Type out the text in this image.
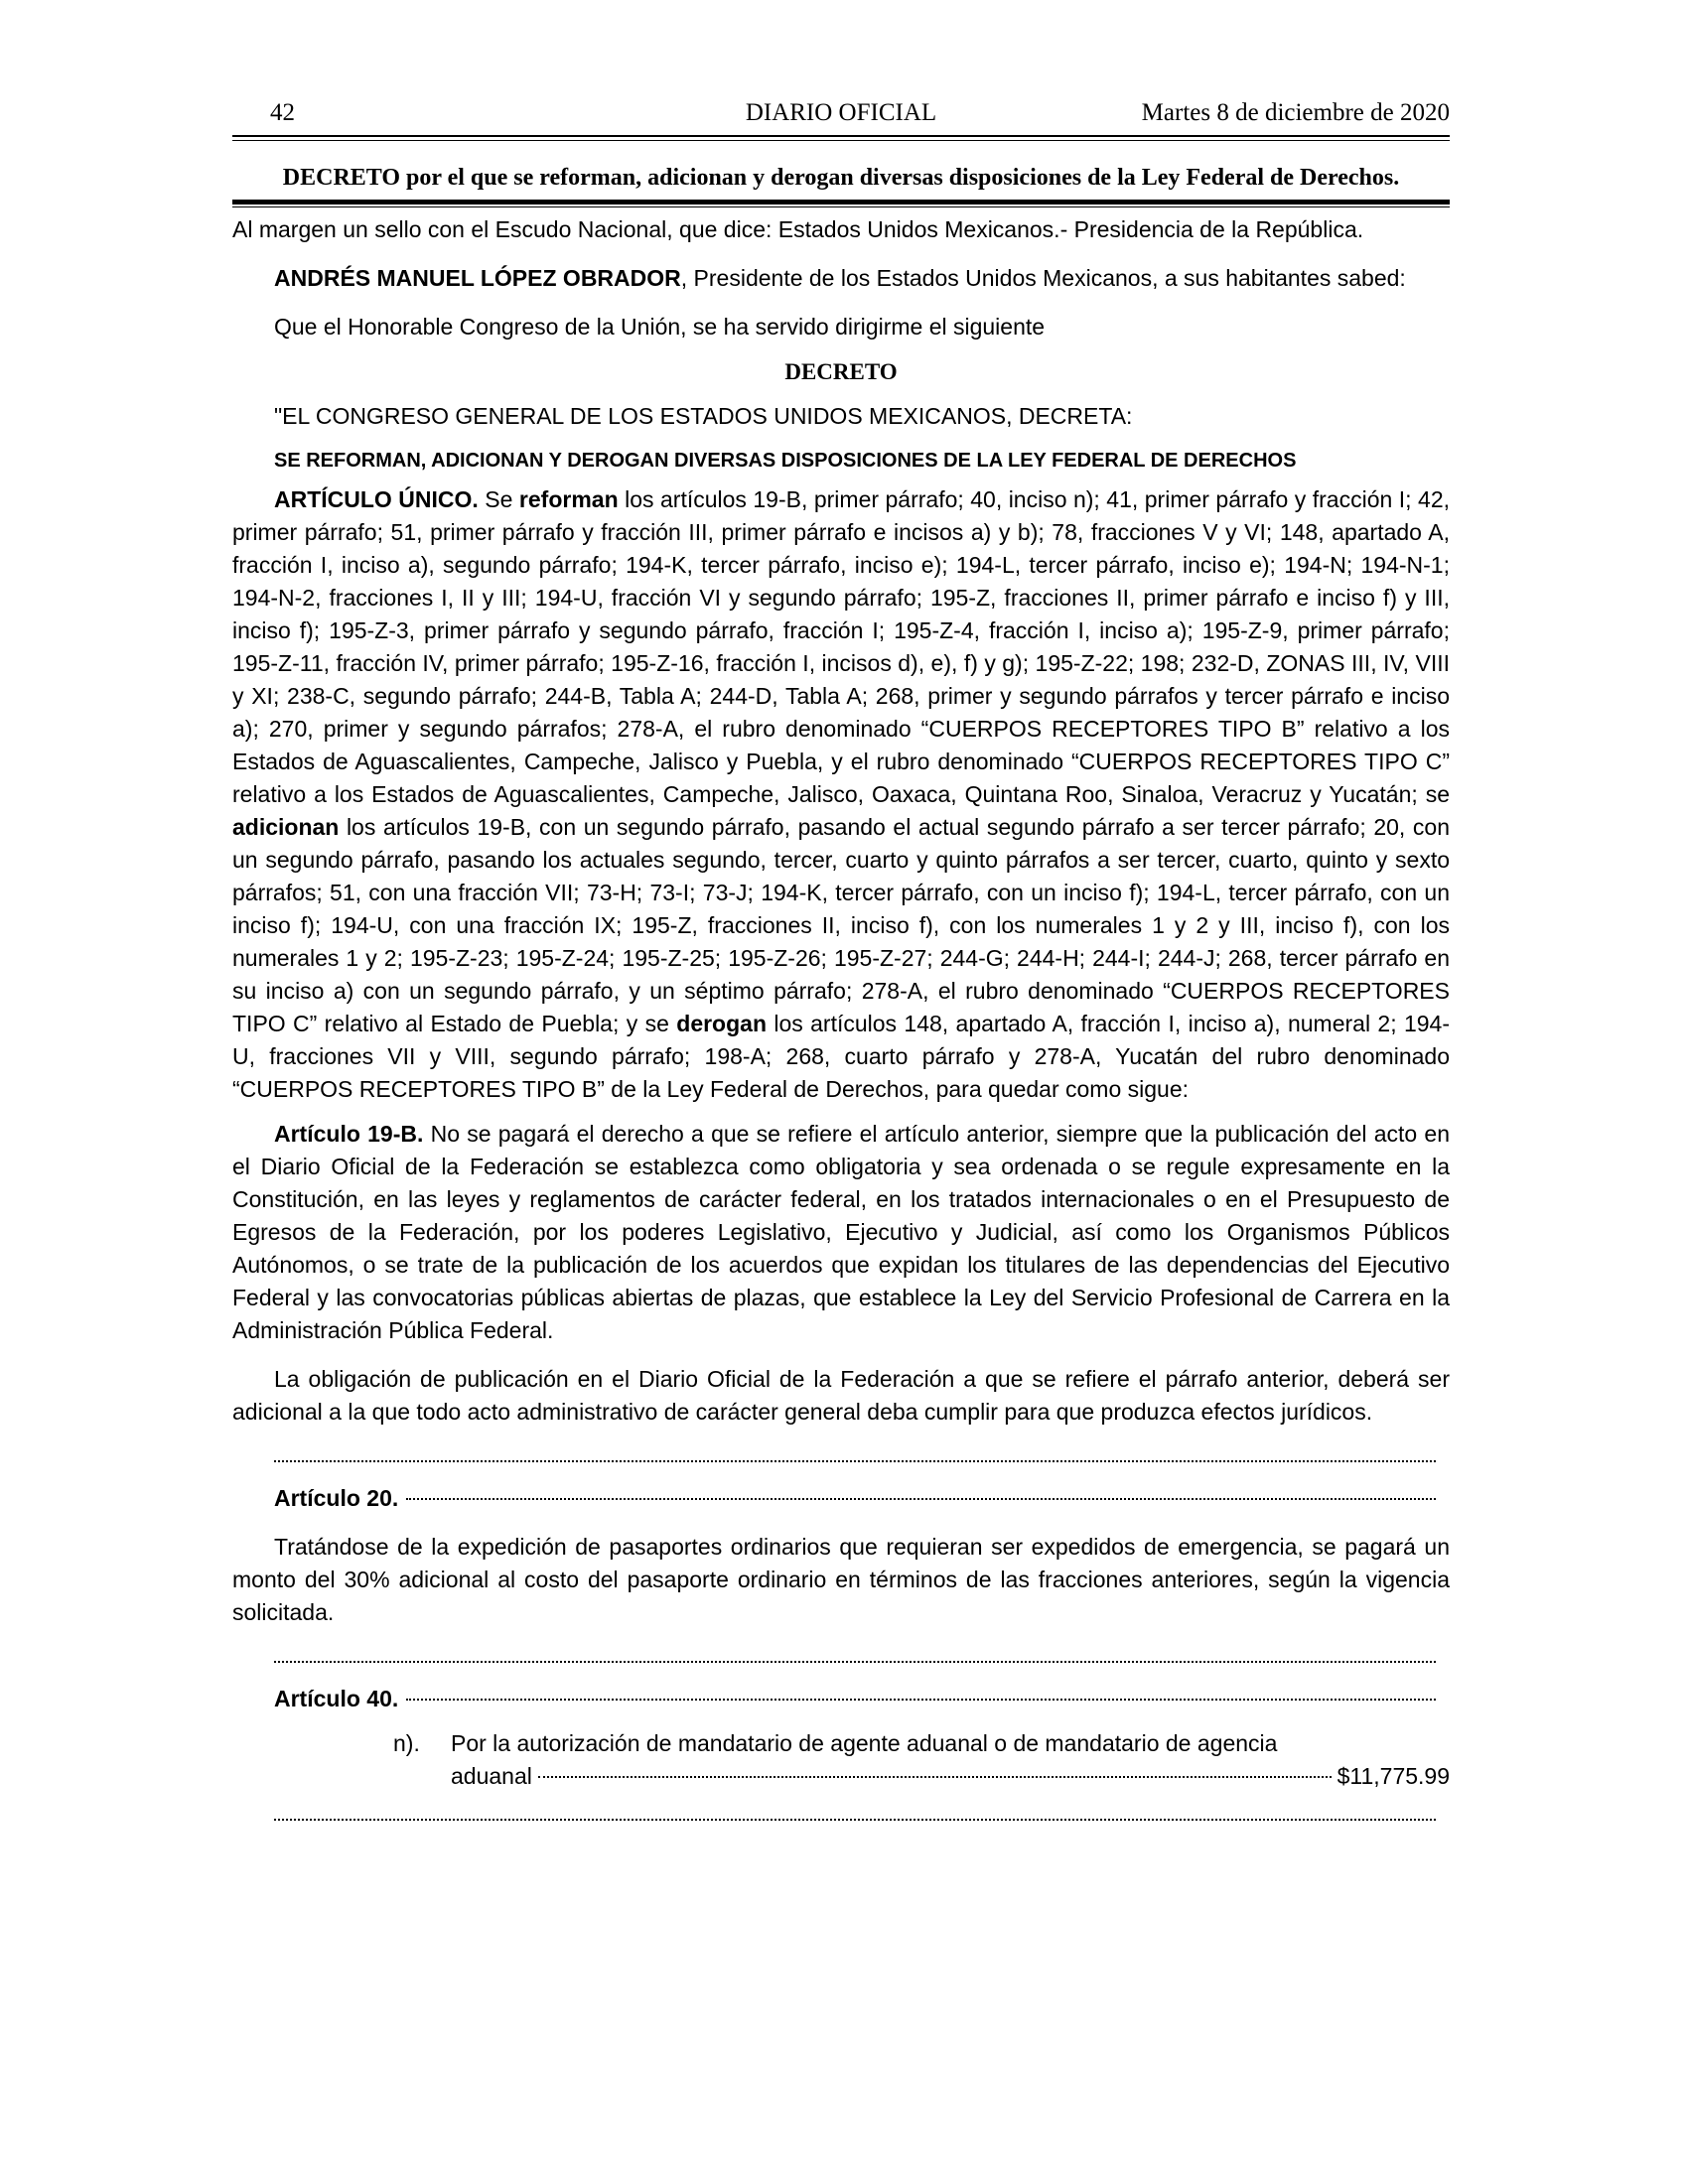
42	DIARIO OFICIAL	Martes 8 de diciembre de 2020
DECRETO por el que se reforman, adicionan y derogan diversas disposiciones de la Ley Federal de Derechos.

Al margen un sello con el Escudo Nacional, que dice: Estados Unidos Mexicanos.- Presidencia de la República.

ANDRÉS MANUEL LÓPEZ OBRADOR, Presidente de los Estados Unidos Mexicanos, a sus habitantes sabed:

Que el Honorable Congreso de la Unión, se ha servido dirigirme el siguiente

DECRETO

"EL CONGRESO GENERAL DE LOS ESTADOS UNIDOS MEXICANOS, DECRETA:

SE REFORMAN, ADICIONAN Y DEROGAN DIVERSAS DISPOSICIONES DE LA LEY FEDERAL DE DERECHOS

ARTÍCULO ÚNICO. Se reforman los artículos 19-B, primer párrafo; 40, inciso n); 41, primer párrafo y fracción I; 42, primer párrafo; 51, primer párrafo y fracción III, primer párrafo e incisos a) y b); 78, fracciones V y VI; 148, apartado A, fracción I, inciso a), segundo párrafo; 194-K, tercer párrafo, inciso e); 194-L, tercer párrafo, inciso e); 194-N; 194-N-1; 194-N-2, fracciones I, II y III; 194-U, fracción VI y segundo párrafo; 195-Z, fracciones II, primer párrafo e inciso f) y III, inciso f); 195-Z-3, primer párrafo y segundo párrafo, fracción I; 195-Z-4, fracción I, inciso a); 195-Z-9, primer párrafo; 195-Z-11, fracción IV, primer párrafo; 195-Z-16, fracción I, incisos d), e), f) y g); 195-Z-22; 198; 232-D, ZONAS III, IV, VIII y XI; 238-C, segundo párrafo; 244-B, Tabla A; 244-D, Tabla A; 268, primer y segundo párrafos y tercer párrafo e inciso a); 270, primer y segundo párrafos; 278-A, el rubro denominado “CUERPOS RECEPTORES TIPO B” relativo a los Estados de Aguascalientes, Campeche, Jalisco y Puebla, y el rubro denominado “CUERPOS RECEPTORES TIPO C” relativo a los Estados de Aguascalientes, Campeche, Jalisco, Oaxaca, Quintana Roo, Sinaloa, Veracruz y Yucatán; se adicionan los artículos 19-B, con un segundo párrafo, pasando el actual segundo párrafo a ser tercer párrafo; 20, con un segundo párrafo, pasando los actuales segundo, tercer, cuarto y quinto párrafos a ser tercer, cuarto, quinto y sexto párrafos; 51, con una fracción VII; 73-H; 73-I; 73-J; 194-K, tercer párrafo, con un inciso f); 194-L, tercer párrafo, con un inciso f); 194-U, con una fracción IX; 195-Z, fracciones II, inciso f), con los numerales 1 y 2 y III, inciso f), con los numerales 1 y 2; 195-Z-23; 195-Z-24; 195-Z-25; 195-Z-26; 195-Z-27; 244-G; 244-H; 244-I; 244-J; 268, tercer párrafo en su inciso a) con un segundo párrafo, y un séptimo párrafo; 278-A, el rubro denominado “CUERPOS RECEPTORES TIPO C” relativo al Estado de Puebla; y se derogan los artículos 148, apartado A, fracción I, inciso a), numeral 2; 194-U, fracciones VII y VIII, segundo párrafo; 198-A; 268, cuarto párrafo y 278-A, Yucatán del rubro denominado “CUERPOS RECEPTORES TIPO B” de la Ley Federal de Derechos, para quedar como sigue:

Artículo 19-B. No se pagará el derecho a que se refiere el artículo anterior, siempre que la publicación del acto en el Diario Oficial de la Federación se establezca como obligatoria y sea ordenada o se regule expresamente en la Constitución, en las leyes y reglamentos de carácter federal, en los tratados internacionales o en el Presupuesto de Egresos de la Federación, por los poderes Legislativo, Ejecutivo y Judicial, así como los Organismos Públicos Autónomos, o se trate de la publicación de los acuerdos que expidan los titulares de las dependencias del Ejecutivo Federal y las convocatorias públicas abiertas de plazas, que establece la Ley del Servicio Profesional de Carrera en la Administración Pública Federal.

La obligación de publicación en el Diario Oficial de la Federación a que se refiere el párrafo anterior, deberá ser adicional a la que todo acto administrativo de carácter general deba cumplir para que produzca efectos jurídicos.

Artículo 20.

Tratándose de la expedición de pasaportes ordinarios que requieran ser expedidos de emergencia, se pagará un monto del 30% adicional al costo del pasaporte ordinario en términos de las fracciones anteriores, según la vigencia solicitada.

Artículo 40.
n).	Por la autorización de mandatario de agente aduanal o de mandatario de agencia
aduanal	$11,775.99
